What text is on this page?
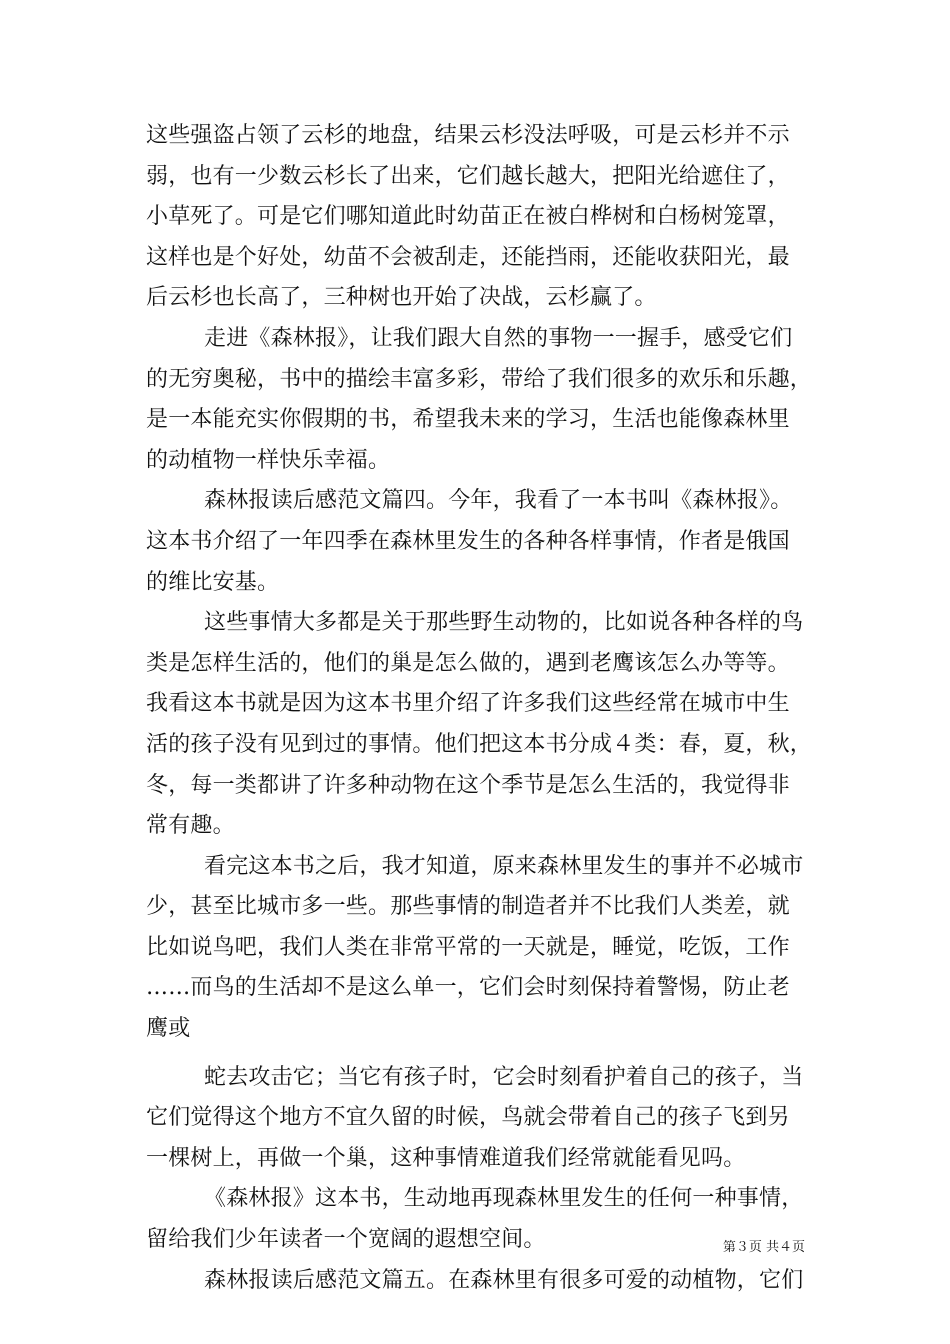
这些强盗占领了云杉的地盘，结果云杉没法呼吸，可是云杉并不示
弱，也有一少数云杉长了出来，它们越长越大，把阳光给遮住了，
小草死了。可是它们哪知道此时幼苗正在被白桦树和白杨树笼罩，
这样也是个好处，幼苗不会被刮走，还能挡雨，还能收获阳光，最
后云杉也长高了，三种树也开始了决战，云杉赢了。
走进《森林报》，让我们跟大自然的事物一一握手，感受它们
的无穷奥秘，书中的描绘丰富多彩，带给了我们很多的欢乐和乐趣，
是一本能充实你假期的书，希望我未来的学习，生活也能像森林里
的动植物一样快乐幸福。
森林报读后感范文篇四。今年，我看了一本书叫《森林报》。
这本书介绍了一年四季在森林里发生的各种各样事情，作者是俄国
的维比安基。
这些事情大多都是关于那些野生动物的，比如说各种各样的鸟
类是怎样生活的，他们的巢是怎么做的，遇到老鹰该怎么办等等。
我看这本书就是因为这本书里介绍了许多我们这些经常在城市中生
活的孩子没有见到过的事情。他们把这本书分成４类：春，夏，秋，
冬，每一类都讲了许多种动物在这个季节是怎么生活的，我觉得非
常有趣。
看完这本书之后，我才知道，原来森林里发生的事并不必城市
少，甚至比城市多一些。那些事情的制造者并不比我们人类差，就
比如说鸟吧，我们人类在非常平常的一天就是，睡觉，吃饭，工作
……而鸟的生活却不是这么单一，它们会时刻保持着警惕，防止老
鹰或
蛇去攻击它；当它有孩子时，它会时刻看护着自己的孩子，当
它们觉得这个地方不宜久留的时候，鸟就会带着自己的孩子飞到另
一棵树上，再做一个巢，这种事情难道我们经常就能看见吗。
《森林报》这本书，生动地再现森林里发生的任何一种事情，
留给我们少年读者一个宽阔的遐想空间。
森林报读后感范文篇五。在森林里有很多可爱的动植物，它们
第３页 共４页
